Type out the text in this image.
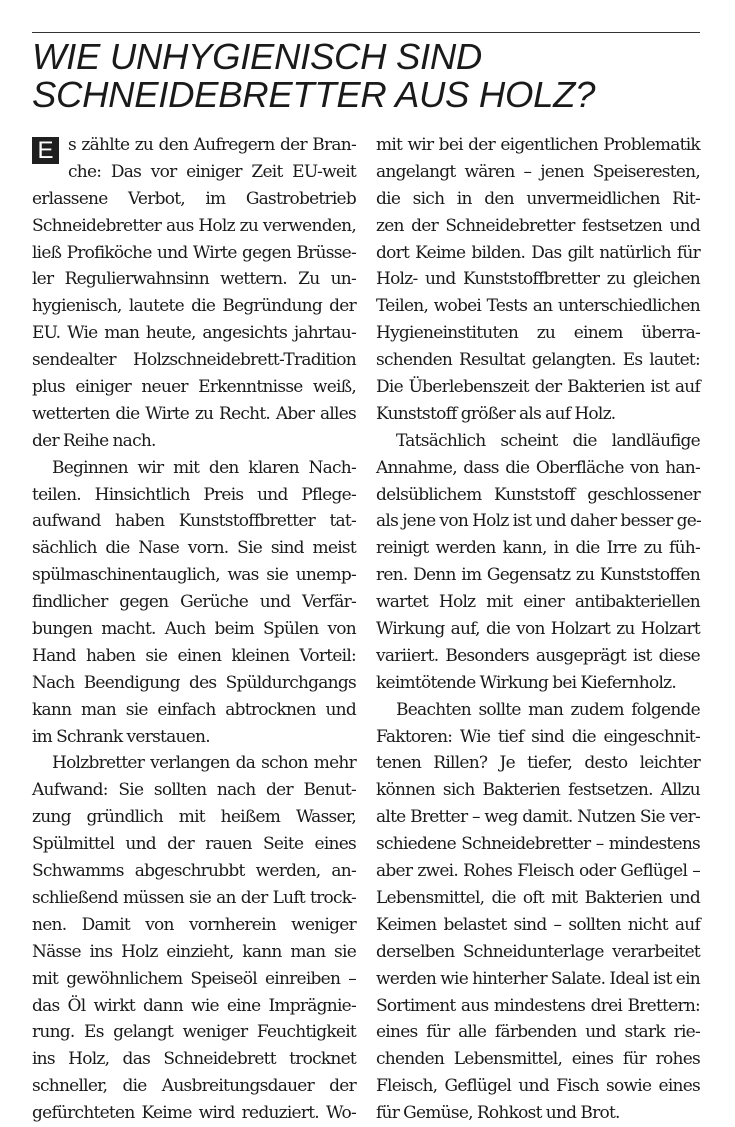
WIE UNHYGIENISCH SIND
SCHNEIDEBRETTER AUS HOLZ?
E s zählte zu den Aufregern der Bran-
che: Das vor einiger Zeit EU-weit
erlassene Verbot, im Gastrobetrieb
Schneidebretter aus Holz zu verwenden,
ließ Profiköche und Wirte gegen Brüsse-
ler Regulierwahnsinn wettern. Zu un-
hygienisch, lautete die Begründung der
EU. Wie man heute, angesichts jahrtau-
sendealter Holzschneidebrett-Tradition
plus einiger neuer Erkenntnisse weiß,
wetterten die Wirte zu Recht. Aber alles
der Reihe nach.

Beginnen wir mit den klaren Nach-
teilen. Hinsichtlich Preis und Pflege-
aufwand haben Kunststoffbretter tat-
sächlich die Nase vorn. Sie sind meist
spülmaschinentauglich, was sie unemp-
findlicher gegen Gerüche und Verfär-
bungen macht. Auch beim Spülen von
Hand haben sie einen kleinen Vorteil:
Nach Beendigung des Spüldurchgangs
kann man sie einfach abtrocknen und
im Schrank verstauen.

Holzbretter verlangen da schon mehr
Aufwand: Sie sollten nach der Benut-
zung gründlich mit heißem Wasser,
Spülmittel und der rauen Seite eines
Schwamms abgeschrubbt werden, an-
schließend müssen sie an der Luft trock-
nen. Damit von vornherein weniger
Nässe ins Holz einzieht, kann man sie
mit gewöhnlichem Speiseöl einreiben –
das Öl wirkt dann wie eine Imprägnie-
rung. Es gelangt weniger Feuchtigkeit
ins Holz, das Schneidebrett trocknet
schneller, die Ausbreitungsdauer der
gefürchteten Keime wird reduziert. Wo-

mit wir bei der eigentlichen Problematik
angelangt wären – jenen Speiseresten,
die sich in den unvermeidlichen Rit-
zen der Schneidebretter festsetzen und
dort Keime bilden. Das gilt natürlich für
Holz- und Kunststoffbretter zu gleichen
Teilen, wobei Tests an unterschiedlichen
Hygieneinstituten zu einem überra-
schenden Resultat gelangten. Es lautet:
Die Überlebenszeit der Bakterien ist auf
Kunststoff größer als auf Holz.

Tatsächlich scheint die landläufige
Annahme, dass die Oberfläche von han-
delsüblichem Kunststoff geschlossener
als jene von Holz ist und daher besser ge-
reinigt werden kann, in die Irre zu füh-
ren. Denn im Gegensatz zu Kunststoffen
wartet Holz mit einer antibakteriellen
Wirkung auf, die von Holzart zu Holzart
variiert. Besonders ausgeprägt ist diese
keimtötende Wirkung bei Kiefernholz.

Beachten sollte man zudem folgende
Faktoren: Wie tief sind die eingeschnit-
tenen Rillen? Je tiefer, desto leichter
können sich Bakterien festsetzen. Allzu
alte Bretter – weg damit. Nutzen Sie ver-
schiedene Schneidebretter – mindestens
aber zwei. Rohes Fleisch oder Geflügel –
Lebensmittel, die oft mit Bakterien und
Keimen belastet sind – sollten nicht auf
derselben Schneidunterlage verarbeitet
werden wie hinterher Salate. Ideal ist ein
Sortiment aus mindestens drei Brettern:
eines für alle färbenden und stark rie-
chenden Lebensmittel, eines für rohes
Fleisch, Geflügel und Fisch sowie eines
für Gemüse, Rohkost und Brot.
